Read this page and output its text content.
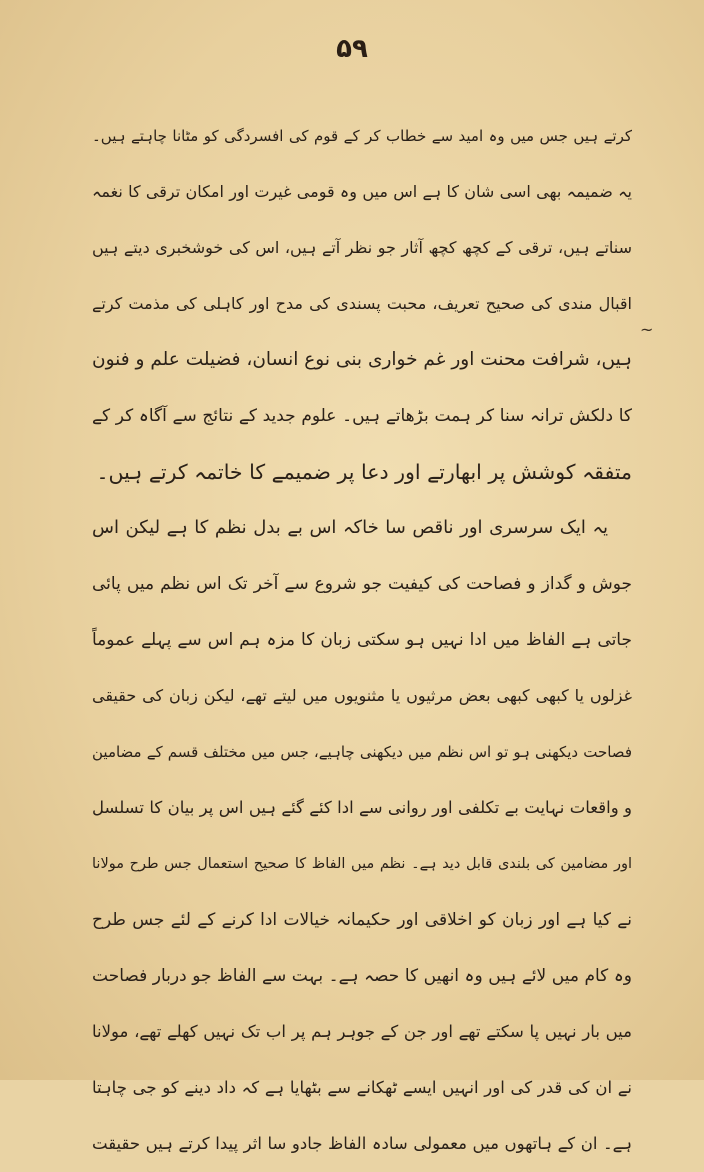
۵۹
~
کرتے ہیں جس میں وہ امید سے خطاب کر کے قوم کی افسردگی کو مٹانا چاہتے ہیں۔
یہ ضمیمہ بھی اسی شان کا ہے اس میں وہ قومی غیرت اور امکان ترقی کا نغمہ
سناتے ہیں، ترقی کے کچھ کچھ آثار جو نظر آتے ہیں، اس کی خوشخبری دیتے ہیں
اقبال مندی کی صحیح تعریف، محبت پسندی کی مدح اور کاہلی کی مذمت کرتے
ہیں، شرافت محنت اور غم خواری بنی نوع انسان، فضیلت علم و فنون
کا دلکش ترانہ سنا کر ہمت بڑھاتے ہیں۔ علوم جدید کے نتائج سے آگاہ کر کے
متفقہ کوشش پر ابھارتے اور دعا پر ضمیمے کا خاتمہ کرتے ہیں۔
یہ ایک سرسری اور ناقص سا خاکہ اس بے بدل نظم کا ہے لیکن اس
جوش و گداز و فصاحت کی کیفیت جو شروع سے آخر تک اس نظم میں پائی
جاتی ہے الفاظ میں ادا نہیں ہو سکتی زبان کا مزہ ہم اس سے پہلے عموماً
غزلوں یا کبھی کبھی بعض مرثیوں یا مثنویوں میں لیتے تھے، لیکن زبان کی حقیقی
فصاحت دیکھنی ہو تو اس نظم میں دیکھنی چاہیے، جس میں مختلف قسم کے مضامین
و واقعات نہایت بے تکلفی اور روانی سے ادا کئے گئے ہیں اس پر بیان کا تسلسل
اور مضامین کی بلندی قابل دید ہے۔ نظم میں الفاظ کا صحیح استعمال جس طرح مولانا
نے کیا ہے اور زبان کو اخلاقی اور حکیمانہ خیالات ادا کرنے کے لئے جس طرح
وہ کام میں لائے ہیں وہ انھیں کا حصہ ہے۔ بہت سے الفاظ جو دربار فصاحت
میں بار نہیں پا سکتے تھے اور جن کے جوہر ہم پر اب تک نہیں کھلے تھے، مولانا
نے ان کی قدر کی اور انہیں ایسے ٹھکانے سے بٹھایا ہے کہ داد دینے کو جی چاہتا
ہے۔ ان کے ہاتھوں میں معمولی سادہ الفاظ جادو سا اثر پیدا کرتے ہیں حقیقت
